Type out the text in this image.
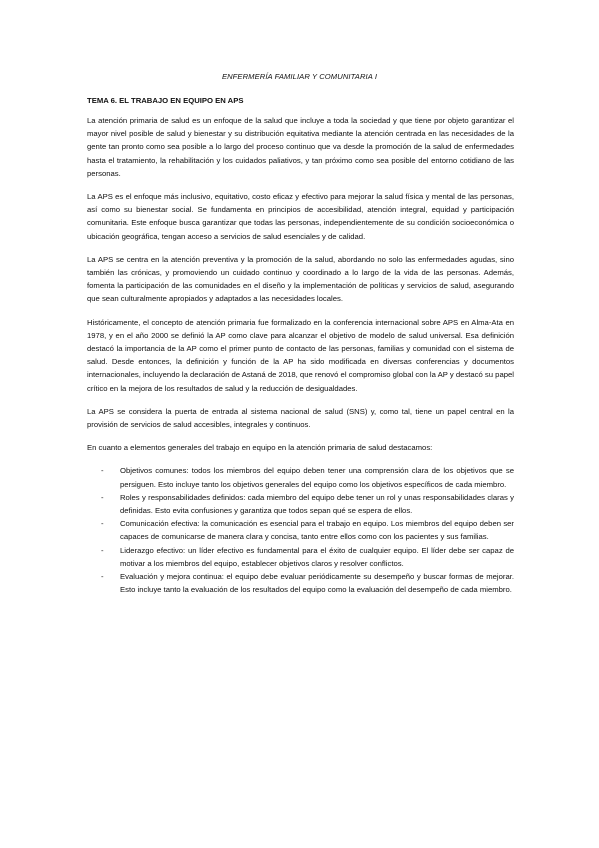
ENFERMERÍA FAMILIAR Y COMUNITARIA I
TEMA 6. EL TRABAJO EN EQUIPO EN APS

La atención primaria de salud es un enfoque de la salud que incluye a toda la sociedad y que tiene por objeto garantizar el mayor nivel posible de salud y bienestar y su distribución equitativa mediante la atención centrada en las necesidades de la gente tan pronto como sea posible a lo largo del proceso continuo que va desde la promoción de la salud de enfermedades hasta el tratamiento, la rehabilitación y los cuidados paliativos, y tan próximo como sea posible del entorno cotidiano de las personas.

La APS es el enfoque más inclusivo, equitativo, costo eficaz y efectivo para mejorar la salud física y mental de las personas, así como su bienestar social. Se fundamenta en principios de accesibilidad, atención integral, equidad y participación comunitaria. Este enfoque busca garantizar que todas las personas, independientemente de su condición socioeconómica o ubicación geográfica, tengan acceso a servicios de salud esenciales y de calidad.

La APS se centra en la atención preventiva y la promoción de la salud, abordando no solo las enfermedades agudas, sino también las crónicas, y promoviendo un cuidado continuo y coordinado a lo largo de la vida de las personas. Además, fomenta la participación de las comunidades en el diseño y la implementación de políticas y servicios de salud, asegurando que sean culturalmente apropiados y adaptados a las necesidades locales.

Históricamente, el concepto de atención primaria fue formalizado en la conferencia internacional sobre APS en Alma-Ata en 1978, y en el año 2000 se definió la AP como clave para alcanzar el objetivo de modelo de salud universal. Esa definición destacó la importancia de la AP como el primer punto de contacto de las personas, familias y comunidad con el sistema de salud. Desde entonces, la definición y función de la AP ha sido modificada en diversas conferencias y documentos internacionales, incluyendo la declaración de Astaná de 2018, que renovó el compromiso global con la AP y destacó su papel crítico en la mejora de los resultados de salud y la reducción de desigualdades.

La APS se considera la puerta de entrada al sistema nacional de salud (SNS) y, como tal, tiene un papel central en la provisión de servicios de salud accesibles, integrales y continuos.

En cuanto a elementos generales del trabajo en equipo en la atención primaria de salud destacamos:

- Objetivos comunes: todos los miembros del equipo deben tener una comprensión clara de los objetivos que se persiguen. Esto incluye tanto los objetivos generales del equipo como los objetivos específicos de cada miembro.
- Roles y responsabilidades definidos: cada miembro del equipo debe tener un rol y unas responsabilidades claras y definidas. Esto evita confusiones y garantiza que todos sepan qué se espera de ellos.
- Comunicación efectiva: la comunicación es esencial para el trabajo en equipo. Los miembros del equipo deben ser capaces de comunicarse de manera clara y concisa, tanto entre ellos como con los pacientes y sus familias.
- Liderazgo efectivo: un líder efectivo es fundamental para el éxito de cualquier equipo. El líder debe ser capaz de motivar a los miembros del equipo, establecer objetivos claros y resolver conflictos.
- Evaluación y mejora continua: el equipo debe evaluar periódicamente su desempeño y buscar formas de mejorar. Esto incluye tanto la evaluación de los resultados del equipo como la evaluación del desempeño de cada miembro.
